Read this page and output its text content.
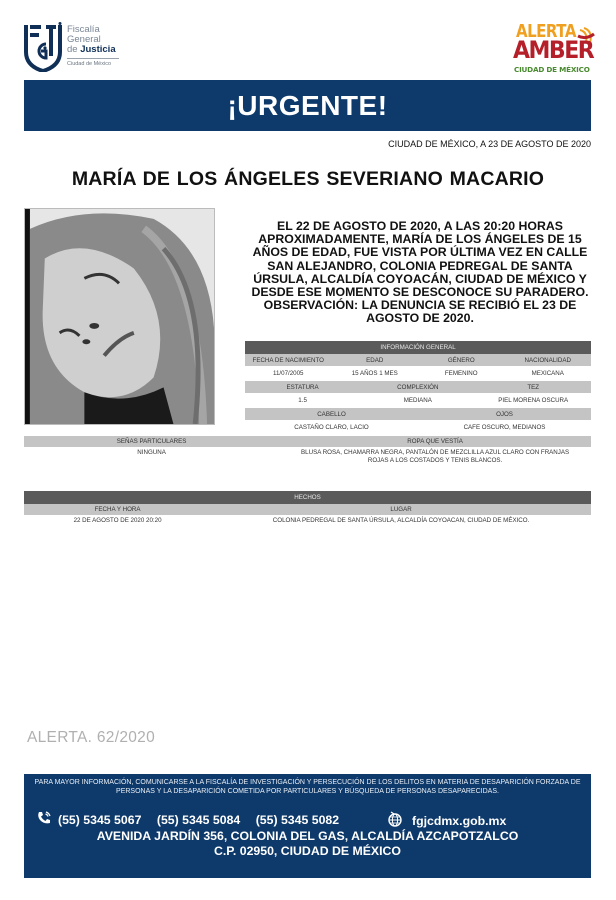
Fiscalía
General
de Justicia
Ciudad de México
ALERTA
AMBER
CIUDAD DE MÉXICO
¡URGENTE!
CIUDAD DE MÉXICO, A 23 DE AGOSTO DE 2020
MARÍA DE LOS ÁNGELES SEVERIANO MACARIO
EL 22 DE AGOSTO DE 2020, A LAS 20:20 HORAS APROXIMADAMENTE, MARÍA DE LOS ÁNGELES DE 15 AÑOS DE EDAD, FUE VISTA POR ÚLTIMA VEZ EN CALLE SAN ALEJANDRO, COLONIA PEDREGAL DE SANTA ÚRSULA, ALCALDÍA COYOACÁN, CIUDAD DE MÉXICO Y DESDE ESE MOMENTO SE DESCONOCE SU PARADERO. OBSERVACIÓN: LA DENUNCIA SE RECIBIÓ EL 23 DE AGOSTO DE 2020.
INFORMACIÓN GENERAL			
FECHA DE NACIMIENTO	EDAD	GÉNERO	NACIONALIDAD
11/07/2005	15 AÑOS 1 MES	FEMENINO	MEXICANA
ESTATURA	COMPLEXIÓN	TEZ
1.5	MEDIANA	PIEL MORENA OSCURA
CABELLO	OJOS
CASTAÑO CLARO, LACIO	CAFE OSCURO, MEDIANOS
SEÑAS PARTICULARES	ROPA QUE VESTÍA
NINGUNA	BLUSA ROSA, CHAMARRA NEGRA, PANTALÓN DE MEZCLILLA AZUL CLARO CON FRANJAS ROJAS A LOS COSTADOS Y TENIS BLANCOS.
HECHOS	
FECHA Y HORA	LUGAR
22 DE AGOSTO DE 2020 20:20	COLONIA PEDREGAL DE SANTA ÚRSULA, ALCALDÍA COYOACAN, CIUDAD DE MÉXICO.
ALERTA. 62/2020
PARA MAYOR INFORMACIÓN, COMUNICARSE A LA FISCALÍA DE INVESTIGACIÓN Y PERSECUCIÓN DE LOS DELITOS EN MATERIA DE DESAPARICIÓN FORZADA DE PERSONAS Y LA DESAPARICIÓN COMETIDA POR PARTICULARES Y BÚSQUEDA DE PERSONAS DESAPARECIDAS.
(55) 5345 5067 (55) 5345 5084 (55) 5345 5082	fgjcdmx.gob.mx
AVENIDA JARDÍN 356, COLONIA DEL GAS, ALCALDÍA AZCAPOTZALCO
C.P. 02950, CIUDAD DE MÉXICO
